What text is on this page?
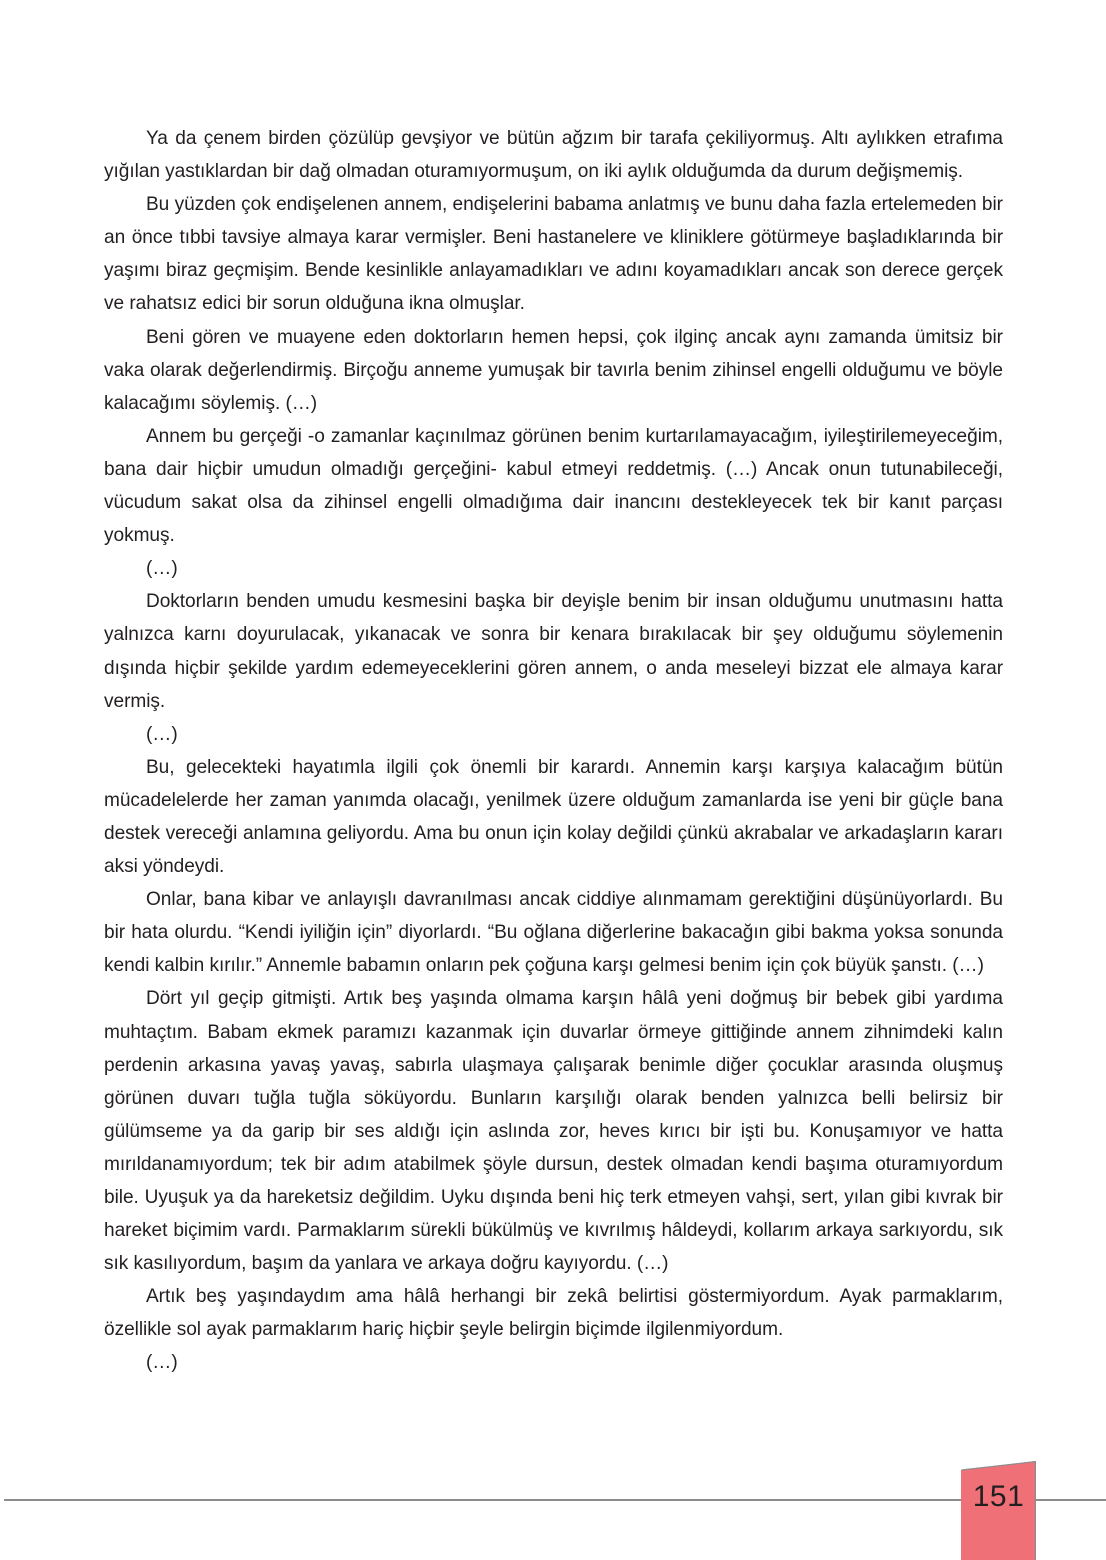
Ya da çenem birden çözülüp gevşiyor ve bütün ağzım bir tarafa çekiliyormuş. Altı aylıkken etrafıma yığılan yastıklardan bir dağ olmadan oturamıyormuşum, on iki aylık olduğumda da durum değişmemiş.

Bu yüzden çok endişelenen annem, endişelerini babama anlatmış ve bunu daha fazla ertelemeden bir an önce tıbbi tavsiye almaya karar vermişler. Beni hastanelere ve kliniklere götürmeye başladıklarında bir yaşımı biraz geçmişim. Bende kesinlikle anlayamadıkları ve adını koyamadıkları ancak son derece gerçek ve rahatsız edici bir sorun olduğuna ikna olmuşlar.

Beni gören ve muayene eden doktorların hemen hepsi, çok ilginç ancak aynı zamanda ümitsiz bir vaka olarak değerlendirmiş. Birçoğu anneme yumuşak bir tavırla benim zihinsel engelli olduğumu ve böyle kalacağımı söylemiş. (…)

Annem bu gerçeği -o zamanlar kaçınılmaz görünen benim kurtarılamayacağım, iyileştirilemeyeceğim, bana dair hiçbir umudun olmadığı gerçeğini- kabul etmeyi reddetmiş. (…) Ancak onun tutunabileceği, vücudum sakat olsa da zihinsel engelli olmadığıma dair inancını destekleyecek tek bir kanıt parçası yokmuş.

(…)

Doktorların benden umudu kesmesini başka bir deyişle benim bir insan olduğumu unutmasını hatta yalnızca karnı doyurulacak, yıkanacak ve sonra bir kenara bırakılacak bir şey olduğumu söylemenin dışında hiçbir şekilde yardım edemeyeceklerini gören annem, o anda meseleyi bizzat ele almaya karar vermiş.

(…)

Bu, gelecekteki hayatımla ilgili çok önemli bir karardı. Annemin karşı karşıya kalacağım bütün mücadelelerde her zaman yanımda olacağı, yenilmek üzere olduğum zamanlarda ise yeni bir güçle bana destek vereceği anlamına geliyordu. Ama bu onun için kolay değildi çünkü akrabalar ve arkadaşların kararı aksi yöndeydi.

Onlar, bana kibar ve anlayışlı davranılması ancak ciddiye alınmamam gerektiğini düşünüyorlardı. Bu bir hata olurdu. “Kendi iyiliğin için” diyorlardı. “Bu oğlana diğerlerine bakacağın gibi bakma yoksa sonunda kendi kalbin kırılır.” Annemle babamın onların pek çoğuna karşı gelmesi benim için çok büyük şanstı. (…)

Dört yıl geçip gitmişti. Artık beş yaşında olmama karşın hâlâ yeni doğmuş bir bebek gibi yardıma muhtaçtım. Babam ekmek paramızı kazanmak için duvarlar örmeye gittiğinde annem zihnimdeki kalın perdenin arkasına yavaş yavaş, sabırla ulaşmaya çalışarak benimle diğer çocuklar arasında oluşmuş görünen duvarı tuğla tuğla söküyordu. Bunların karşılığı olarak benden yalnızca belli belirsiz bir gülümseme ya da garip bir ses aldığı için aslında zor, heves kırıcı bir işti bu. Konuşamıyor ve hatta mırıldanamıyordum; tek bir adım atabilmek şöyle dursun, destek olmadan kendi başıma oturamıyordum bile. Uyuşuk ya da hareketsiz değildim. Uyku dışında beni hiç terk etmeyen vahşi, sert, yılan gibi kıvrak bir hareket biçimim vardı. Parmaklarım sürekli bükülmüş ve kıvrılmış hâldeydi, kollarım arkaya sarkıyordu, sık sık kasılıyordum, başım da yanlara ve arkaya doğru kayıyordu. (…)

Artık beş yaşındaydım ama hâlâ herhangi bir zekâ belirtisi göstermiyordum. Ayak parmaklarım, özellikle sol ayak parmaklarım hariç hiçbir şeyle belirgin biçimde ilgilenmiyordum.

(…)

151
